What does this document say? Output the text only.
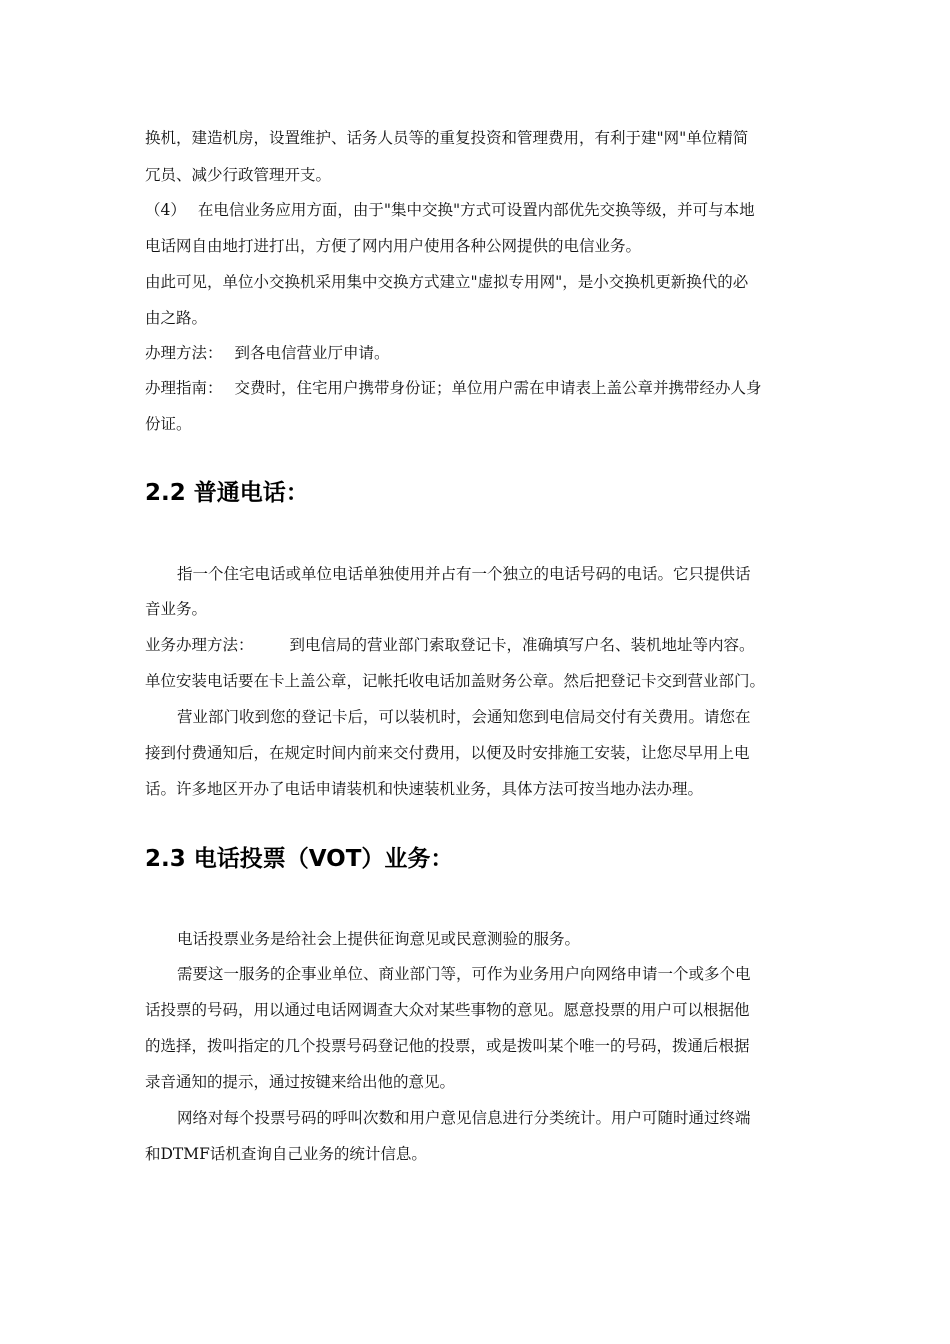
换机，建造机房，设置维护、话务人员等的重复投资和管理费用，有利于建"网"单位精简
冗员、减少行政管理开支。
（4） 在电信业务应用方面，由于"集中交换"方式可设置内部优先交换等级，并可与本地
电话网自由地打进打出，方便了网内用户使用各种公网提供的电信业务。
由此可见，单位小交换机采用集中交换方式建立"虚拟专用网"，是小交换机更新换代的必
由之路。
办理方法： 到各电信营业厅申请。
办理指南： 交费时，住宅用户携带身份证；单位用户需在申请表上盖公章并携带经办人身
份证。
2.2 普通电话：
指一个住宅电话或单位电话单独使用并占有一个独立的电话号码的电话。它只提供话
音业务。
业务办理方法： 到电信局的营业部门索取登记卡，准确填写户名、装机地址等内容。
单位安装电话要在卡上盖公章，记帐托收电话加盖财务公章。然后把登记卡交到营业部门。
营业部门收到您的登记卡后，可以装机时，会通知您到电信局交付有关费用。请您在
接到付费通知后，在规定时间内前来交付费用，以便及时安排施工安装，让您尽早用上电
话。许多地区开办了电话申请装机和快速装机业务，具体方法可按当地办法办理。
2.3 电话投票（VOT）业务：
电话投票业务是给社会上提供征询意见或民意测验的服务。
需要这一服务的企事业单位、商业部门等，可作为业务用户向网络申请一个或多个电
话投票的号码，用以通过电话网调查大众对某些事物的意见。愿意投票的用户可以根据他
的选择，拨叫指定的几个投票号码登记他的投票，或是拨叫某个唯一的号码，拨通后根据
录音通知的提示，通过按键来给出他的意见。
网络对每个投票号码的呼叫次数和用户意见信息进行分类统计。用户可随时通过终端
和DTMF话机查询自己业务的统计信息。
